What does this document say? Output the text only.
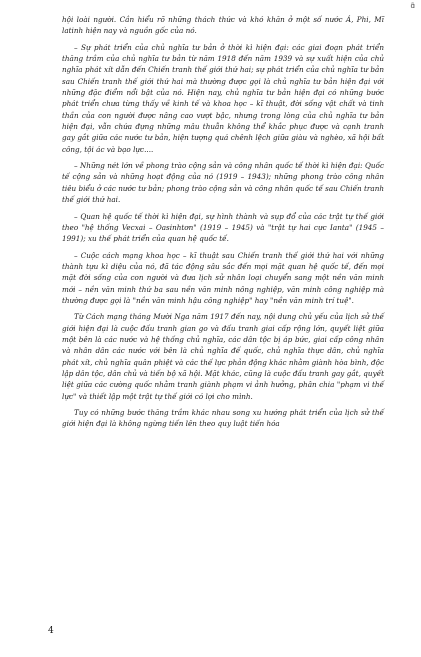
ɑ̃

hội loài người. Cần hiểu rõ những thách thức và khó khăn ở một số nước Á, Phi, Mĩ latinh hiện nay và nguồn gốc của nó.

– Sự phát triển của chủ nghĩa tư bản ở thời kì hiện đại: các giai đoạn phát triển thăng trầm của chủ nghĩa tư bản từ năm 1918 đến năm 1939 và sự xuất hiện của chủ nghĩa phát xít dẫn đến Chiến tranh thế giới thứ hai; sự phát triển của chủ nghĩa tư bản sau Chiến tranh thế giới thứ hai mà thường được gọi là chủ nghĩa tư bản hiện đại với những đặc điểm nổi bật của nó. Hiện nay, chủ nghĩa tư bản hiện đại có những bước phát triển chưa từng thấy về kinh tế và khoa học – kĩ thuật, đời sống vật chất và tinh thần của con người được nâng cao vượt bậc, nhưng trong lòng của chủ nghĩa tư bản hiện đại, vẫn chứa đựng những mâu thuẫn không thể khắc phục được và cạnh tranh gay gắt giữa các nước tư bản, hiện tượng quá chênh lệch giữa giàu và nghèo, xã hội bất công, tội ác và bạo lực....

– Những nét lớn về phong trào cộng sản và công nhân quốc tế thời kì hiện đại: Quốc tế cộng sản và những hoạt động của nó (1919 – 1943); những phong trào công nhân tiêu biểu ở các nước tư bản; phong trào cộng sản và công nhân quốc tế sau Chiến tranh thế giới thứ hai.

– Quan hệ quốc tế thời kì hiện đại, sự hình thành và sụp đổ của các trật tự thế giới theo "hệ thống Vecxai – Oasinhtơn" (1919 – 1945) và "trật tự hai cực Ianta" (1945 – 1991); xu thế phát triển của quan hệ quốc tế.

– Cuộc cách mạng khoa học – kĩ thuật sau Chiến tranh thế giới thứ hai với những thành tựu kì diệu của nó, đã tác động sâu sắc đến mọi mặt quan hệ quốc tế, đến mọi mặt đời sống của con người và đưa lịch sử nhân loại chuyển sang một nền văn minh mới – nền văn minh thứ ba sau nền văn minh nông nghiệp, văn minh công nghiệp mà thường được gọi là "nền văn minh hậu công nghiệp" hay "nền văn minh trí tuệ".

Từ Cách mạng tháng Mười Nga năm 1917 đến nay, nội dung chủ yếu của lịch sử thế giới hiện đại là cuộc đấu tranh gian go và đấu tranh giai cấp rộng lớn, quyết liệt giữa một bên là các nước và hệ thống chủ nghĩa, các dân tộc bị áp bức, giai cấp công nhân và nhân dân các nước với bên là chủ nghĩa đế quốc, chủ nghĩa thực dân, chủ nghĩa phát xít, chủ nghĩa quân phiệt và các thế lực phản động khác nhằm giành hòa bình, độc lập dân tộc, dân chủ và tiến bộ xã hội. Mặt khác, cũng là cuộc đấu tranh gay gắt, quyết liệt giữa các cường quốc nhằm tranh giành phạm vi ảnh hưởng, phân chia "phạm vi thế lực" và thiết lập một trật tự thế giới có lợi cho mình.

Tuy có những bước thăng trầm khác nhau song xu hướng phát triển của lịch sử thế giới hiện đại là không ngừng tiến lên theo quy luật tiến hóa

4
